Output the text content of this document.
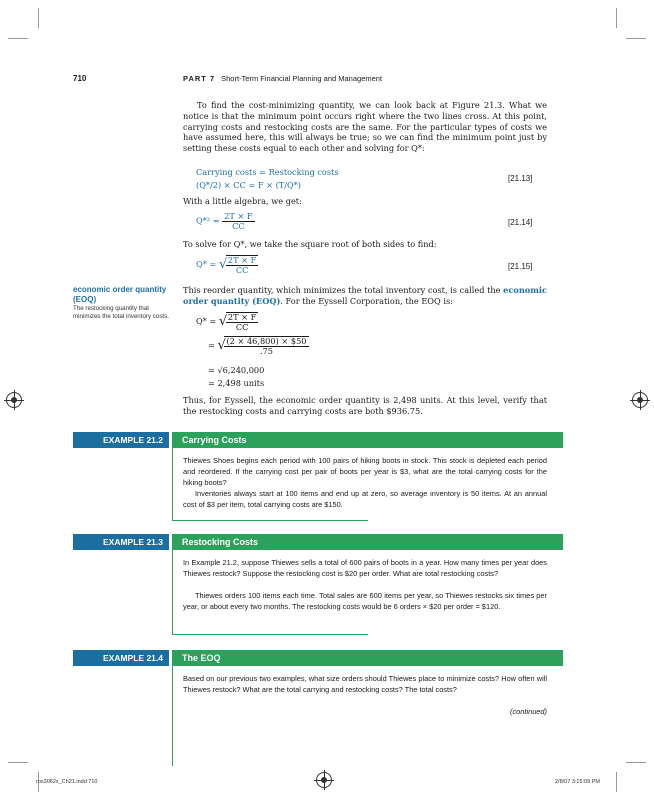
710	PART 7 Short-Term Financial Planning and Management

To find the cost-minimizing quantity, we can look back at Figure 21.3. What we notice is that the minimum point occurs right where the two lines cross. At this point, carrying costs and restocking costs are the same. For the particular types of costs we have assumed here, this will always be true; so we can find the minimum point just by setting these costs equal to each other and solving for Q*:

Carrying costs = Restocking costs
(Q*/2) × CC = F × (T/Q*)
[21.13]

With a little algebra, we get:

$Q*^2 = \frac{2T \times F}{CC}$	[21.14]

To solve for Q*, we take the square root of both sides to find:

Q* = √ $\frac{2T \times F}{CC}$	[21.15]
economic order quantity (EOQ)
The restocking quantity that minimizes the total inventory costs.

This reorder quantity, which minimizes the total inventory cost, is called the economic order quantity (EOQ). For the Eyssell Corporation, the EOQ is:

Q* = √ $\frac{2T \times F}{CC}$
= √ $\frac{(2 \times 46,800) \times \$50}{.75}$
= √6,240,000
= 2,498 units

Thus, for Eyssell, the economic order quantity is 2,498 units. At this level, verify that the restocking costs and carrying costs are both $936.75.

EXAMPLE 21.2	Carrying Costs

Thiewes Shoes begins each period with 100 pairs of hiking boots in stock. This stock is depleted each period and reordered. If the carrying cost per pair of boots per year is $3, what are the total carrying costs for the hiking boots?

Inventories always start at 100 items and end up at zero, so average inventory is 50 items. At an annual cost of $3 per item, total carrying costs are $150.

EXAMPLE 21.3	Restocking Costs

In Example 21.2, suppose Thiewes sells a total of 600 pairs of boots in a year. How many times per year does Thiewes restock? Suppose the restocking cost is $20 per order. What are total restocking costs?

Thiewes orders 100 items each time. Total sales are 600 items per year, so Thiewes restocks six times per year, or about every two months. The restocking costs would be 6 orders × $20 per order = $120.

EXAMPLE 21.4	The EOQ

Based on our previous two examples, what size orders should Thiewes place to minimize costs? How often will Thiewes restock? What are the total carrying and restocking costs? The total costs?

(continued)
ros3062x_Ch21.indd 710	2/8/07 3:15:09 PM
